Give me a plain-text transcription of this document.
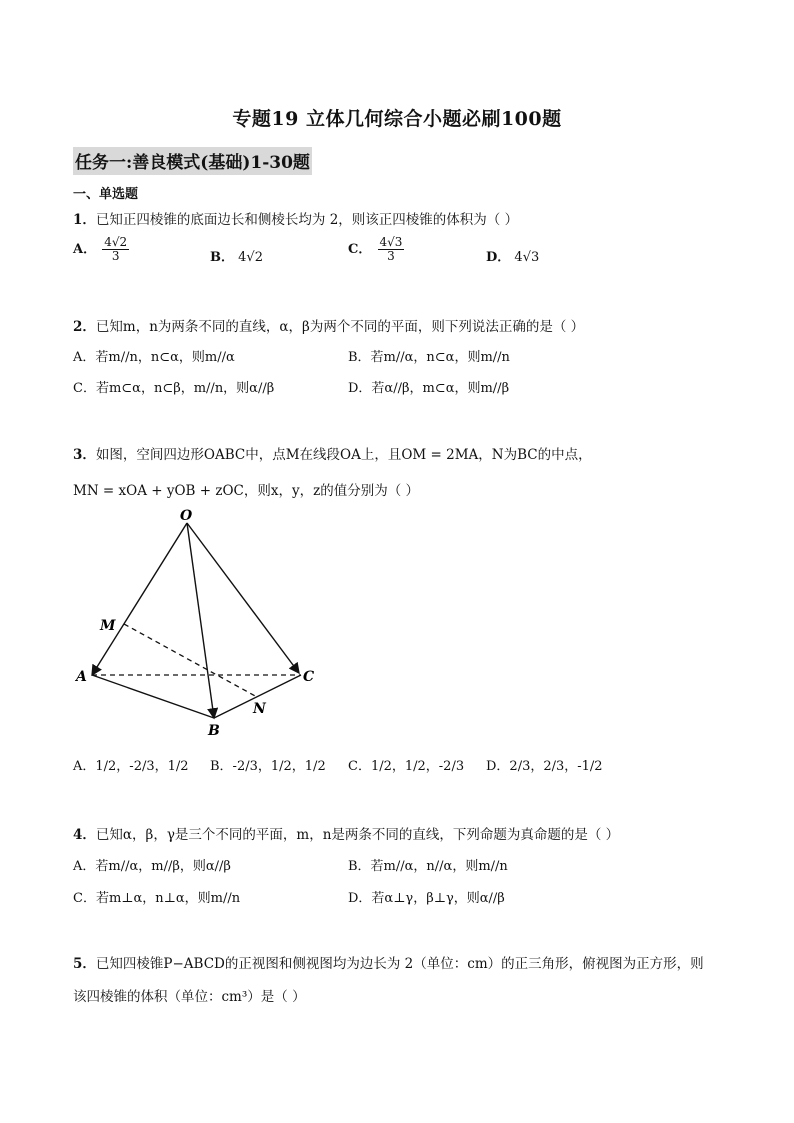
专题19 立体几何综合小题必刷100题
任务一:善良模式(基础)1-30题
一、单选题
1．已知正四棱锥的底面边长和侧棱长均为 2，则该正四棱锥的体积为（ ）
A． $\frac{4√2}{3}$	B． 4√2
C． $\frac{4√3}{3}$	D． 4√3
2．已知m，n为两条不同的直线，α，β为两个不同的平面，则下列说法正确的是（ ）
A．若m//n，n⊂α，则m//α	B．若m//α，n⊂α，则m//n
C．若m⊂α，n⊂β，m//n，则α//β	D．若α//β，m⊂α，则m//β
3．如图，空间四边形OABC中，点M在线段OA上，且OM = 2MA，N为BC的中点，
MN = xOA + yOB + zOC，则x，y，z的值分别为（ ）
O
M
A	C
N
B
A．1/2，-2/3，1/2 B．-2/3，1/2，1/2 C．1/2，1/2，-2/3 D．2/3，2/3，-1/2
4．已知α，β，γ是三个不同的平面，m，n是两条不同的直线，下列命题为真命题的是（ ）
A．若m//α，m//β，则α//β	B．若m//α，n//α，则m//n
C．若m⊥α，n⊥α，则m//n	D．若α⊥γ，β⊥γ，则α//β
5．已知四棱锥P−ABCD的正视图和侧视图均为边长为 2（单位：cm）的正三角形，俯视图为正方形，则
该四棱锥的体积（单位：cm³）是（ ）
